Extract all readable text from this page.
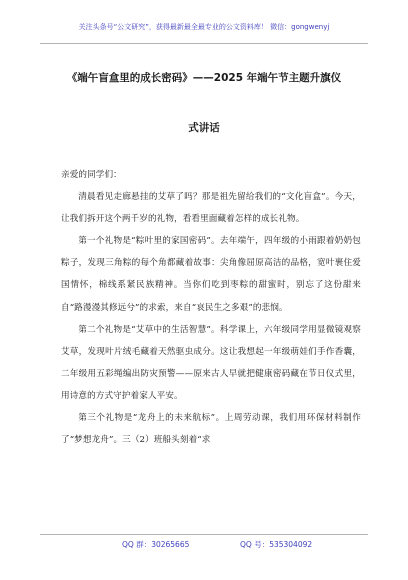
关注头条号“公文研究”，获得最新最全最专业的公文资料库！ 微信：gongwenyj
《端午盲盒里的成长密码》——2025 年端午节主题升旗仪
式讲话

亲爱的同学们：

清晨看见走廊悬挂的艾草了吗？那是祖先留给我们的“文化盲盒”。今天，让我们拆开这个两千岁的礼物，看看里面藏着怎样的成长礼物。

第一个礼物是“粽叶里的家国密码”。去年端午，四年级的小雨跟着奶奶包粽子，发现三角粽的每个角都藏着故事：尖角像屈原高洁的品格，宽叶裹住爱国情怀，棉线系紧民族精神。当你们吃到枣粽的甜蜜时，别忘了这份甜来自“路漫漫其修远兮”的求索，来自“哀民生之多艰”的悲悯。

第二个礼物是“艾草中的生活智慧”。科学课上，六年级同学用显微镜观察艾草，发现叶片绒毛藏着天然驱虫成分。这让我想起一年级萌娃们手作香囊，二年级用五彩绳编出防灾预警——原来古人早就把健康密码藏在节日仪式里，用诗意的方式守护着家人平安。

第三个礼物是“龙舟上的未来航标”。上周劳动课，我们用环保材料制作了“梦想龙舟”。三（2）班船头刻着“求

QQ 群：30265665	QQ 号：535304092
